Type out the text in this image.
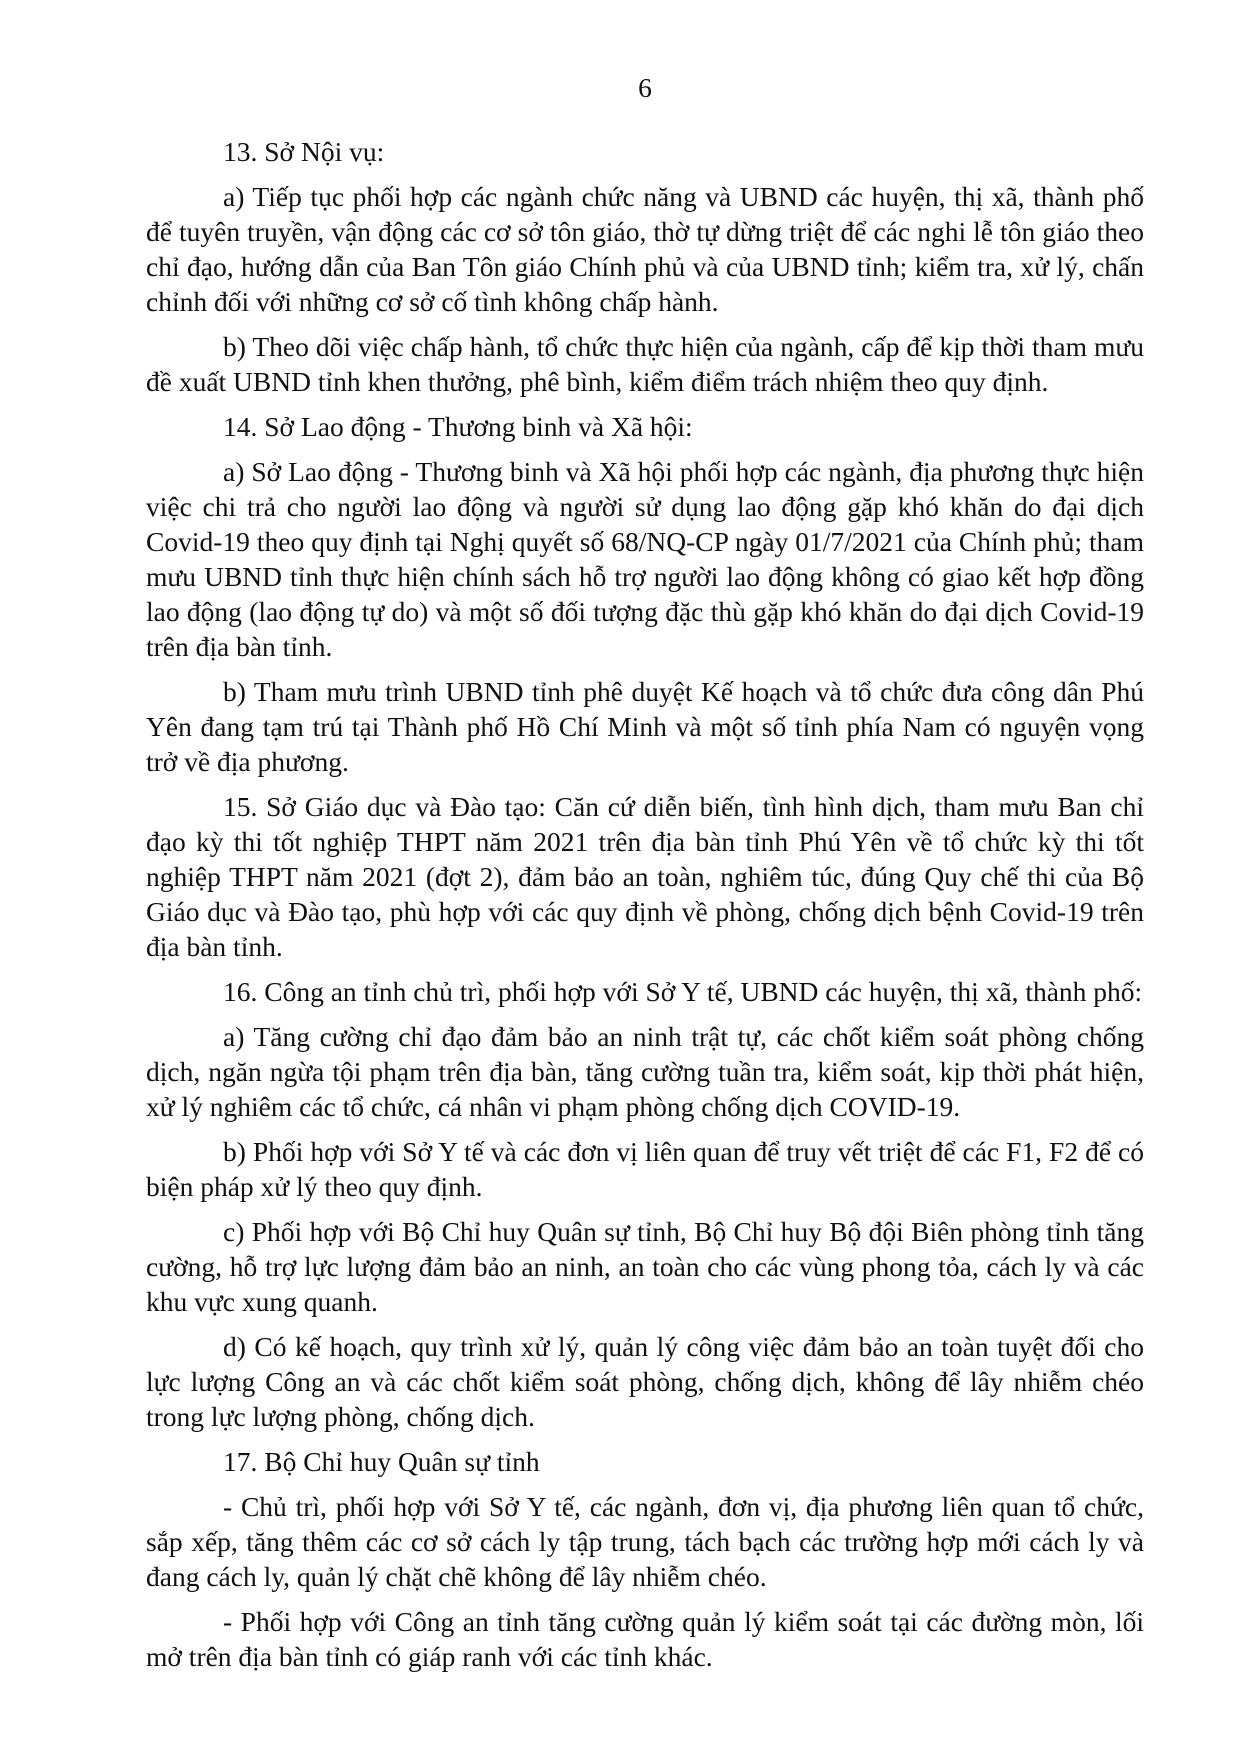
6

13. Sở Nội vụ:

a) Tiếp tục phối hợp các ngành chức năng và UBND các huyện, thị xã, thành phố để tuyên truyền, vận động các cơ sở tôn giáo, thờ tự dừng triệt để các nghi lễ tôn giáo theo chỉ đạo, hướng dẫn của Ban Tôn giáo Chính phủ và của UBND tỉnh; kiểm tra, xử lý, chấn chỉnh đối với những cơ sở cố tình không chấp hành.

b) Theo dõi việc chấp hành, tổ chức thực hiện của ngành, cấp để kịp thời tham mưu đề xuất UBND tỉnh khen thưởng, phê bình, kiểm điểm trách nhiệm theo quy định.

14. Sở Lao động - Thương binh và Xã hội:

a) Sở Lao động - Thương binh và Xã hội phối hợp các ngành, địa phương thực hiện việc chi trả cho người lao động và người sử dụng lao động gặp khó khăn do đại dịch Covid-19 theo quy định tại Nghị quyết số 68/NQ-CP ngày 01/7/2021 của Chính phủ; tham mưu UBND tỉnh thực hiện chính sách hỗ trợ người lao động không có giao kết hợp đồng lao động (lao động tự do) và một số đối tượng đặc thù gặp khó khăn do đại dịch Covid-19 trên địa bàn tỉnh.

b) Tham mưu trình UBND tỉnh phê duyệt Kế hoạch và tổ chức đưa công dân Phú Yên đang tạm trú tại Thành phố Hồ Chí Minh và một số tỉnh phía Nam có nguyện vọng trở về địa phương.

15. Sở Giáo dục và Đào tạo: Căn cứ diễn biến, tình hình dịch, tham mưu Ban chỉ đạo kỳ thi tốt nghiệp THPT năm 2021 trên địa bàn tỉnh Phú Yên về tổ chức kỳ thi tốt nghiệp THPT năm 2021 (đợt 2), đảm bảo an toàn, nghiêm túc, đúng Quy chế thi của Bộ Giáo dục và Đào tạo, phù hợp với các quy định về phòng, chống dịch bệnh Covid-19 trên địa bàn tỉnh.

16. Công an tỉnh chủ trì, phối hợp với Sở Y tế, UBND các huyện, thị xã, thành phố:

a) Tăng cường chỉ đạo đảm bảo an ninh trật tự, các chốt kiểm soát phòng chống dịch, ngăn ngừa tội phạm trên địa bàn, tăng cường tuần tra, kiểm soát, kịp thời phát hiện, xử lý nghiêm các tổ chức, cá nhân vi phạm phòng chống dịch COVID-19.

b) Phối hợp với Sở Y tế và các đơn vị liên quan để truy vết triệt để các F1, F2 để có biện pháp xử lý theo quy định.

c) Phối hợp với Bộ Chỉ huy Quân sự tỉnh, Bộ Chỉ huy Bộ đội Biên phòng tỉnh tăng cường, hỗ trợ lực lượng đảm bảo an ninh, an toàn cho các vùng phong tỏa, cách ly và các khu vực xung quanh.

d) Có kế hoạch, quy trình xử lý, quản lý công việc đảm bảo an toàn tuyệt đối cho lực lượng Công an và các chốt kiểm soát phòng, chống dịch, không để lây nhiễm chéo trong lực lượng phòng, chống dịch.

17. Bộ Chỉ huy Quân sự tỉnh

- Chủ trì, phối hợp với Sở Y tế, các ngành, đơn vị, địa phương liên quan tổ chức, sắp xếp, tăng thêm các cơ sở cách ly tập trung, tách bạch các trường hợp mới cách ly và đang cách ly, quản lý chặt chẽ không để lây nhiễm chéo.

- Phối hợp với Công an tỉnh tăng cường quản lý kiểm soát tại các đường mòn, lối mở trên địa bàn tỉnh có giáp ranh với các tỉnh khác.
